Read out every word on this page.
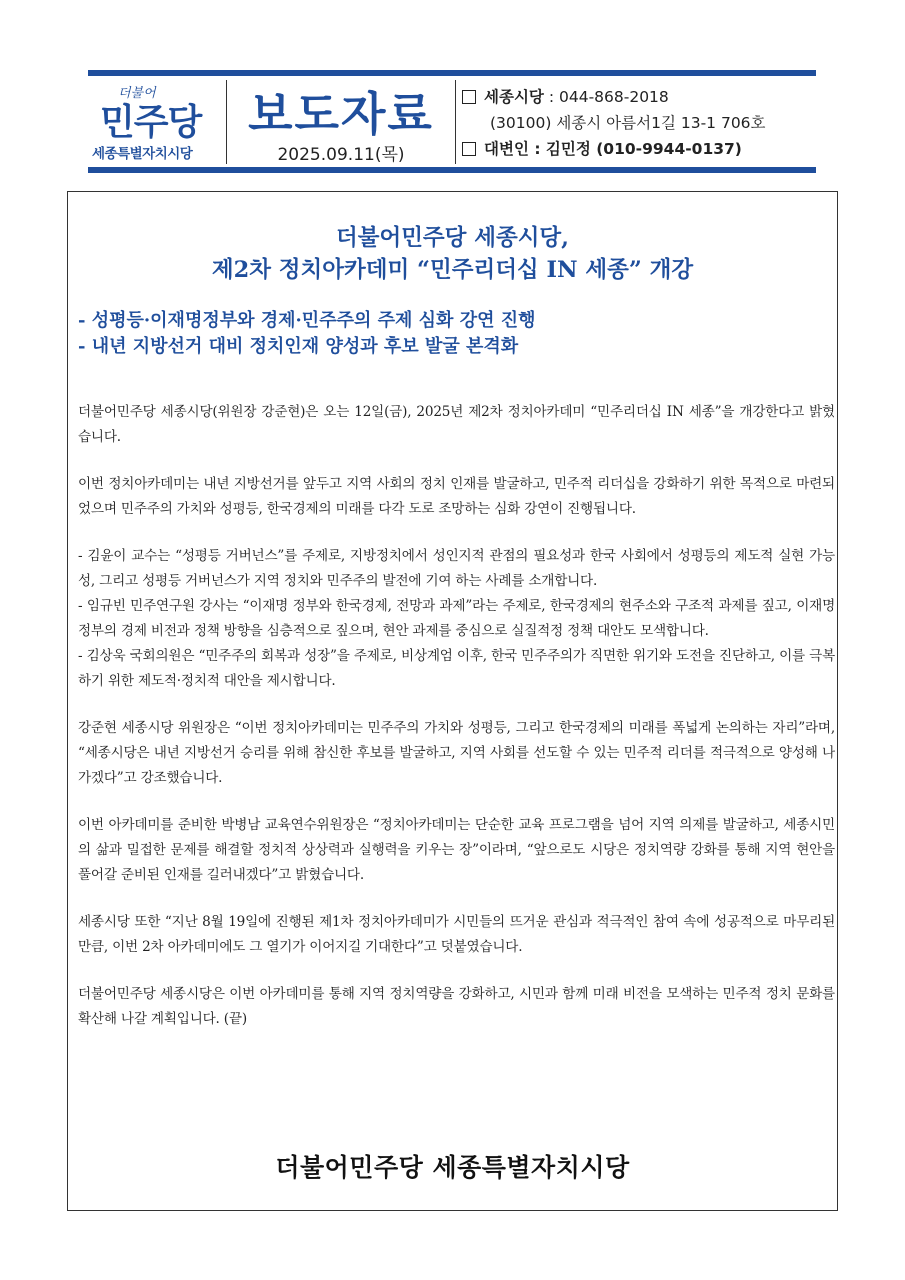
더불어
민주당
세종특별자치시당
보도자료
2025.09.11(목)
세종시당 : 044-868-2018
(30100) 세종시 아름서1길 13-1 706호
대변인 : 김민정 (010-9944-0137)
더불어민주당 세종시당,
제2차 정치아카데미 “민주리더십 IN 세종” 개강
- 성평등·이재명정부와 경제·민주주의 주제 심화 강연 진행
- 내년 지방선거 대비 정치인재 양성과 후보 발굴 본격화

더불어민주당 세종시당(위원장 강준현)은 오는 12일(금), 2025년 제2차 정치아카데미 “민주리더십 IN 세종”을 개강한다고 밝혔습니다.

이번 정치아카데미는 내년 지방선거를 앞두고 지역 사회의 정치 인재를 발굴하고, 민주적 리더십을 강화하기 위한 목적으로 마련되었으며 민주주의 가치와 성평등, 한국경제의 미래를 다각 도로 조망하는 심화 강연이 진행됩니다.

- 김윤이 교수는 “성평등 거버넌스”를 주제로, 지방정치에서 성인지적 관점의 필요성과 한국 사회에서 성평등의 제도적 실현 가능성, 그리고 성평등 거버넌스가 지역 정치와 민주주의 발전에 기여 하는 사례를 소개합니다.

- 임규빈 민주연구원 강사는 “이재명 정부와 한국경제, 전망과 과제”라는 주제로, 한국경제의 현주소와 구조적 과제를 짚고, 이재명 정부의 경제 비전과 정책 방향을 심층적으로 짚으며, 현안 과제를 중심으로 실질적정 정책 대안도 모색합니다.

- 김상욱 국회의원은 “민주주의 회복과 성장”을 주제로, 비상계엄 이후, 한국 민주주의가 직면한 위기와 도전을 진단하고, 이를 극복하기 위한 제도적·정치적 대안을 제시합니다.

강준현 세종시당 위원장은 “이번 정치아카데미는 민주주의 가치와 성평등, 그리고 한국경제의 미래를 폭넓게 논의하는 자리”라며, “세종시당은 내년 지방선거 승리를 위해 참신한 후보를 발굴하고, 지역 사회를 선도할 수 있는 민주적 리더를 적극적으로 양성해 나가겠다”고 강조했습니다.

이번 아카데미를 준비한 박병남 교육연수위원장은 “정치아카데미는 단순한 교육 프로그램을 넘어 지역 의제를 발굴하고, 세종시민의 삶과 밀접한 문제를 해결할 정치적 상상력과 실행력을 키우는 장”이라며, “앞으로도 시당은 정치역량 강화를 통해 지역 현안을 풀어갈 준비된 인재를 길러내겠다”고 밝혔습니다.

세종시당 또한 “지난 8월 19일에 진행된 제1차 정치아카데미가 시민들의 뜨거운 관심과 적극적인 참여 속에 성공적으로 마무리된 만큼, 이번 2차 아카데미에도 그 열기가 이어지길 기대한다”고 덧붙였습니다.

더불어민주당 세종시당은 이번 아카데미를 통해 지역 정치역량을 강화하고, 시민과 함께 미래 비전을 모색하는 민주적 정치 문화를 확산해 나갈 계획입니다. (끝)

더불어민주당 세종특별자치시당
